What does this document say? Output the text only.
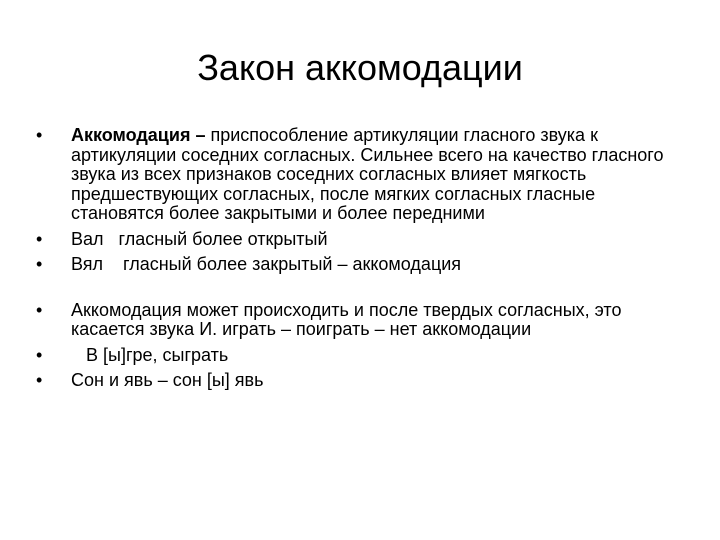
Закон аккомодации
•	Аккомодация – приспособление артикуляции гласного звука к артикуляции соседних согласных. Сильнее всего на качество гласного звука из всех признаков соседних согласных влияет мягкость предшествующих согласных, после мягких согласных гласные становятся более закрытыми и более передними
•	Вал   гласный более открытый
•	Вял    гласный более закрытый – аккомодация
•	Аккомодация может происходить и после твердых согласных, это касается звука И. играть – поиграть – нет аккомодации
•	В [ы]гре, сыграть
•	Сон и явь – сон [ы] явь
